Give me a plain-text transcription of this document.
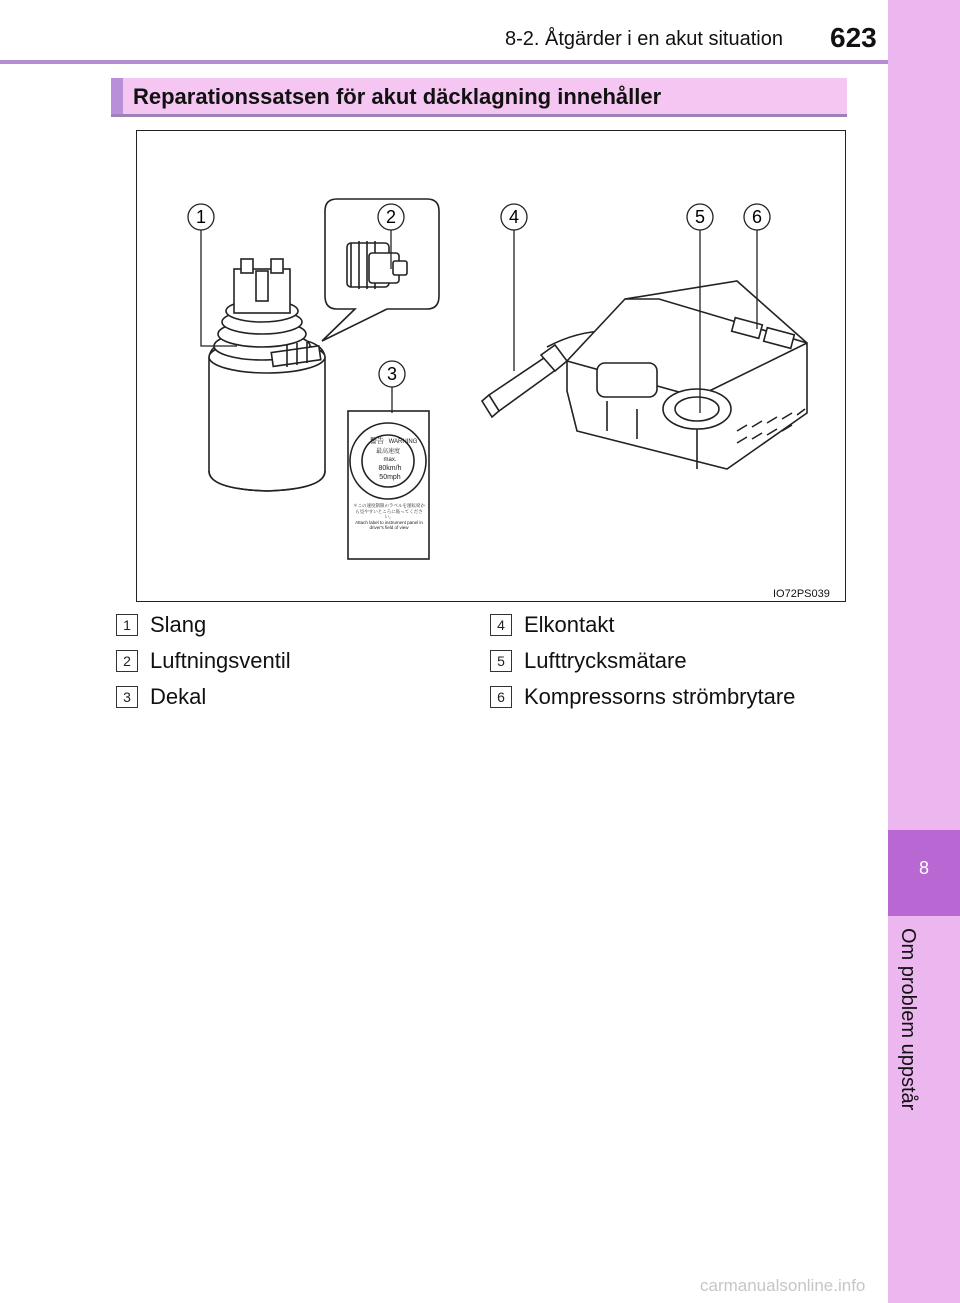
8-2. Åtgärder i en akut situation 623
8
Om problem uppstår
Reparationssatsen för akut däcklagning innehåller
1	2
3
4	5	6
警告 WARNING
最高速度
max.
80km/h
50mph
＊この速度制限のラベルを運転席から見やすいところに貼ってください。
Attach label to instrument panel in driver's field of view
IO72PS039
1 Slang
2 Luftningsventil
3 Dekal
4 Elkontakt
5 Lufttrycksmätare
6 Kompressorns strömbrytare
carmanualsonline.info
